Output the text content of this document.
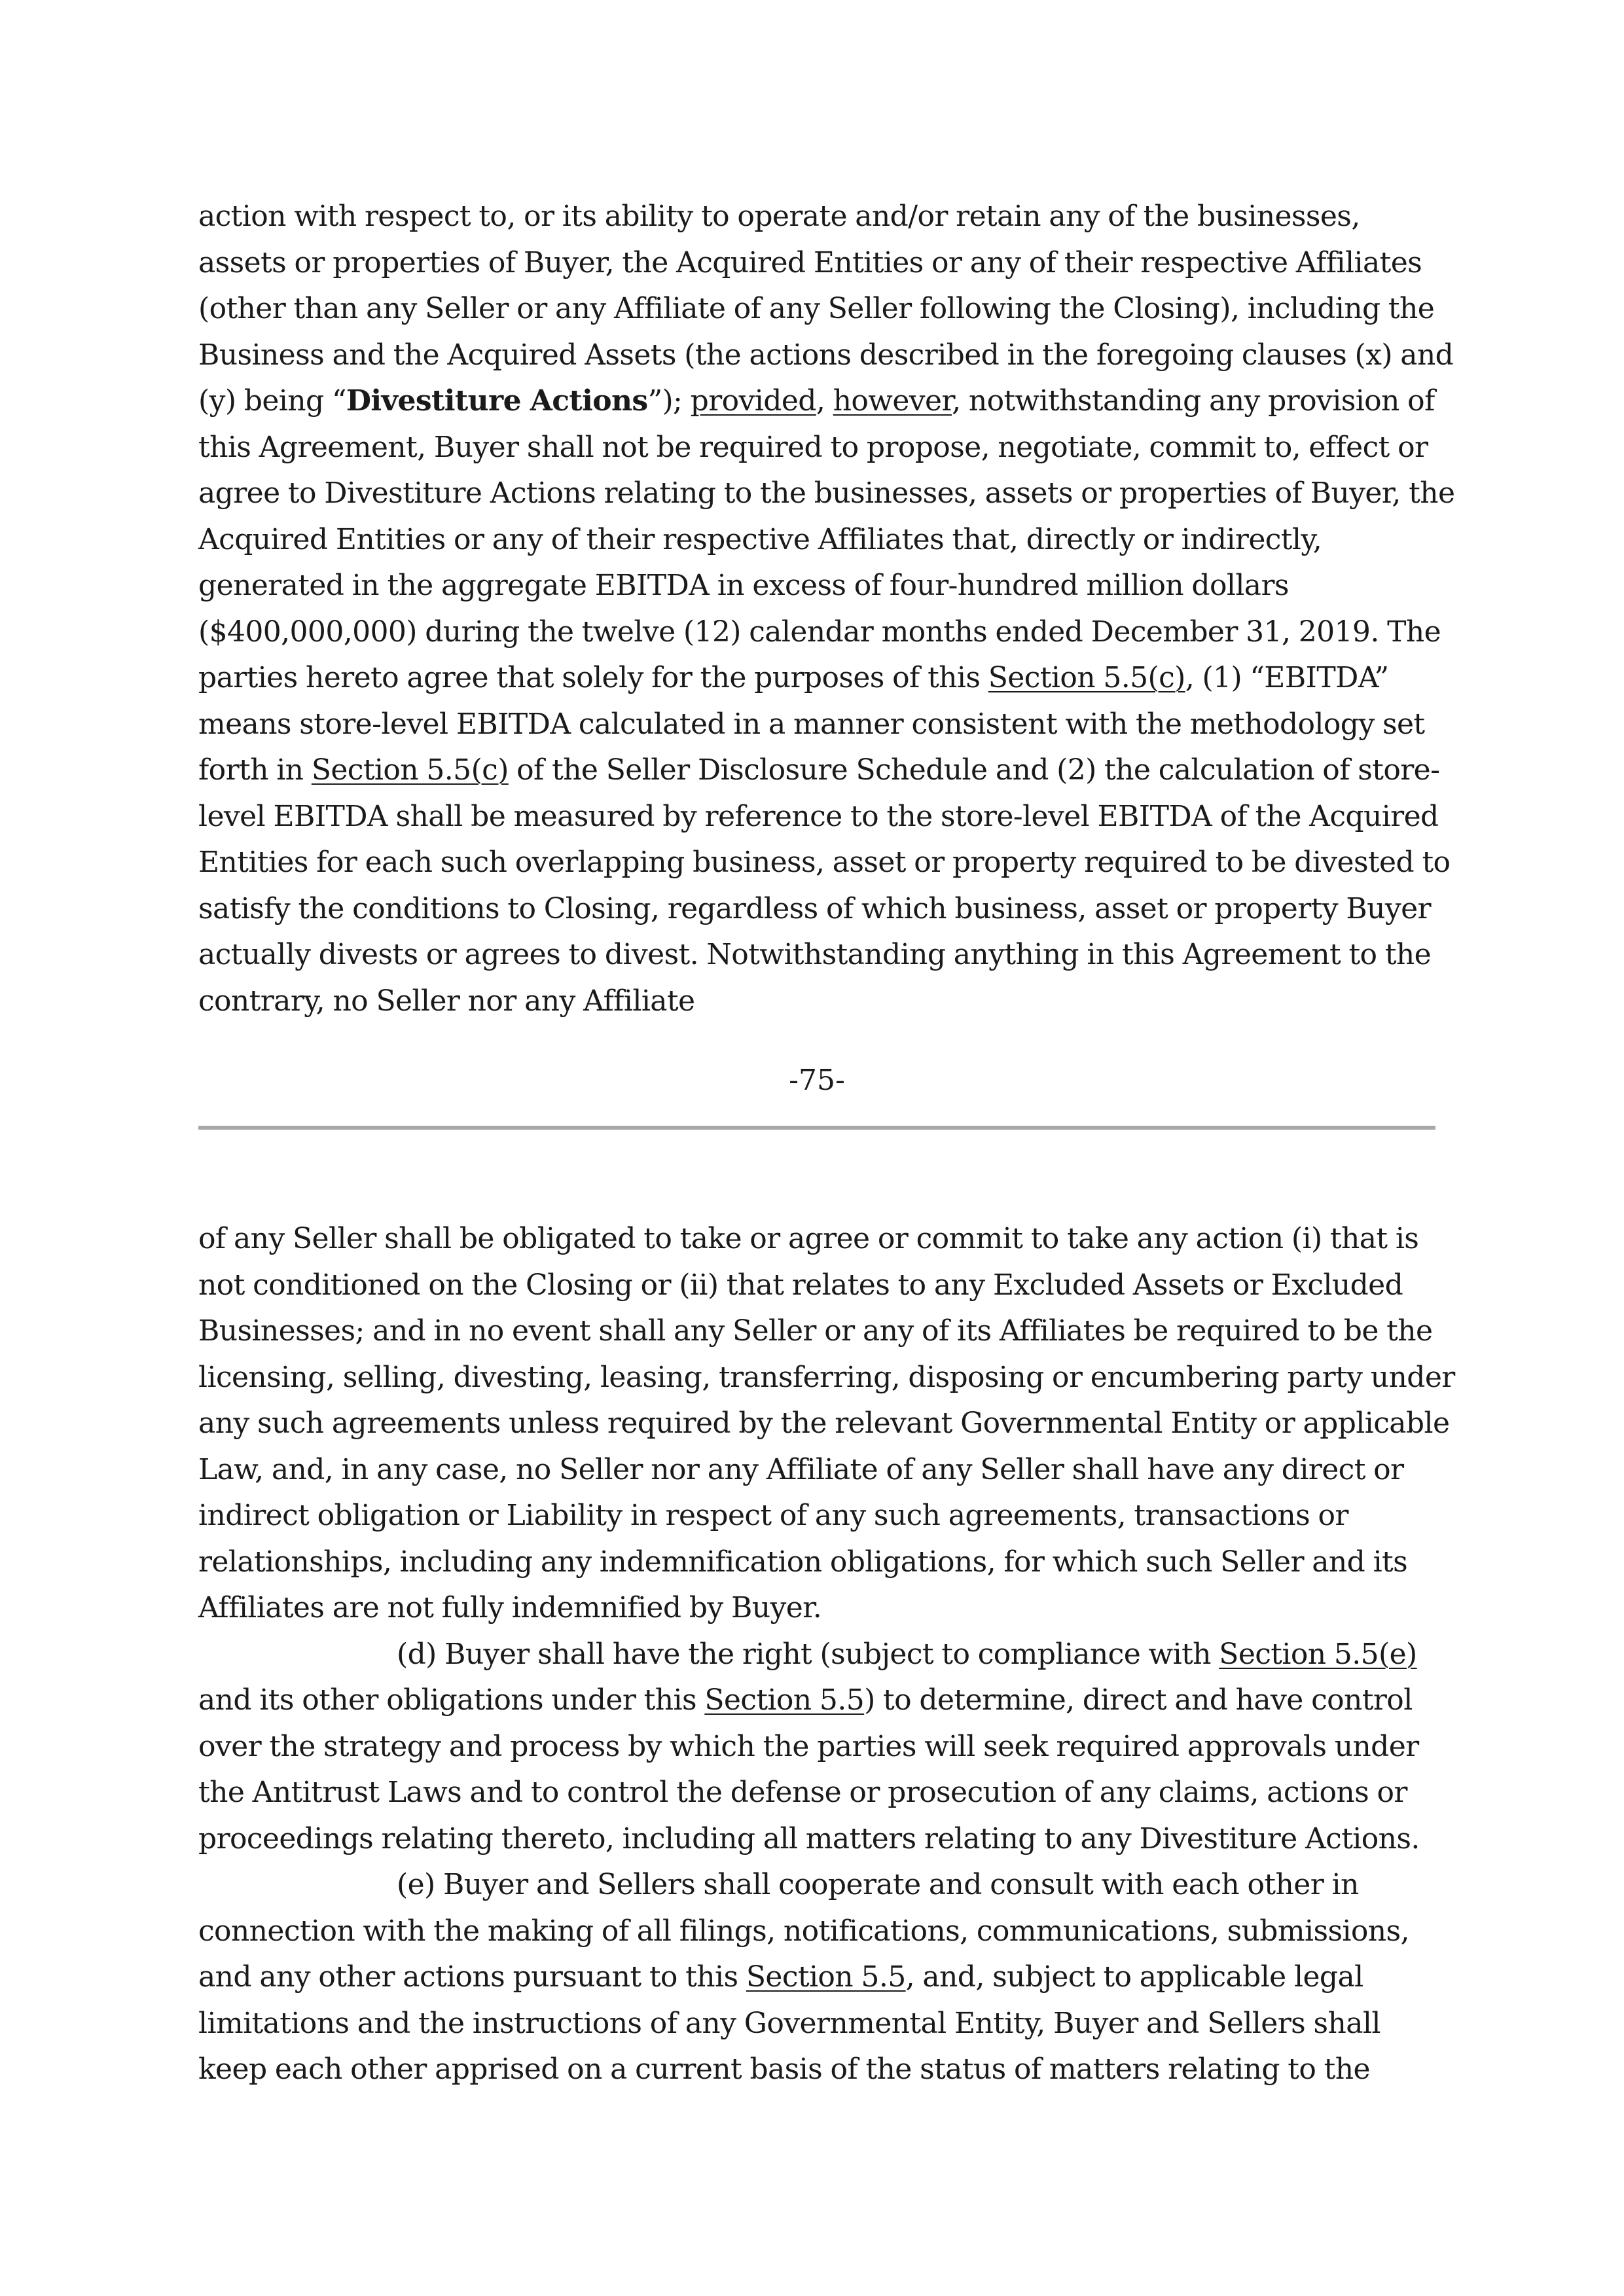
action with respect to, or its ability to operate and/or retain any of the businesses,
assets or properties of Buyer, the Acquired Entities or any of their respective Affiliates
(other than any Seller or any Affiliate of any Seller following the Closing), including the
Business and the Acquired Assets (the actions described in the foregoing clauses (x) and
(y) being “Divestiture Actions”); provided, however, notwithstanding any provision of
this Agreement, Buyer shall not be required to propose, negotiate, commit to, effect or
agree to Divestiture Actions relating to the businesses, assets or properties of Buyer, the
Acquired Entities or any of their respective Affiliates that, directly or indirectly,
generated in the aggregate EBITDA in excess of four-hundred million dollars
($400,000,000) during the twelve (12) calendar months ended December 31, 2019. The
parties hereto agree that solely for the purposes of this Section 5.5(c), (1) “EBITDA”
means store-level EBITDA calculated in a manner consistent with the methodology set
forth in Section 5.5(c) of the Seller Disclosure Schedule and (2) the calculation of store-
level EBITDA shall be measured by reference to the store-level EBITDA of the Acquired
Entities for each such overlapping business, asset or property required to be divested to
satisfy the conditions to Closing, regardless of which business, asset or property Buyer
actually divests or agrees to divest. Notwithstanding anything in this Agreement to the
contrary, no Seller nor any Affiliate

-75-

of any Seller shall be obligated to take or agree or commit to take any action (i) that is
not conditioned on the Closing or (ii) that relates to any Excluded Assets or Excluded
Businesses; and in no event shall any Seller or any of its Affiliates be required to be the
licensing, selling, divesting, leasing, transferring, disposing or encumbering party under
any such agreements unless required by the relevant Governmental Entity or applicable
Law, and, in any case, no Seller nor any Affiliate of any Seller shall have any direct or
indirect obligation or Liability in respect of any such agreements, transactions or
relationships, including any indemnification obligations, for which such Seller and its
Affiliates are not fully indemnified by Buyer.

(d) Buyer shall have the right (subject to compliance with Section 5.5(e)
and its other obligations under this Section 5.5) to determine, direct and have control
over the strategy and process by which the parties will seek required approvals under
the Antitrust Laws and to control the defense or prosecution of any claims, actions or
proceedings relating thereto, including all matters relating to any Divestiture Actions.

(e) Buyer and Sellers shall cooperate and consult with each other in
connection with the making of all filings, notifications, communications, submissions,
and any other actions pursuant to this Section 5.5, and, subject to applicable legal
limitations and the instructions of any Governmental Entity, Buyer and Sellers shall
keep each other apprised on a current basis of the status of matters relating to the
